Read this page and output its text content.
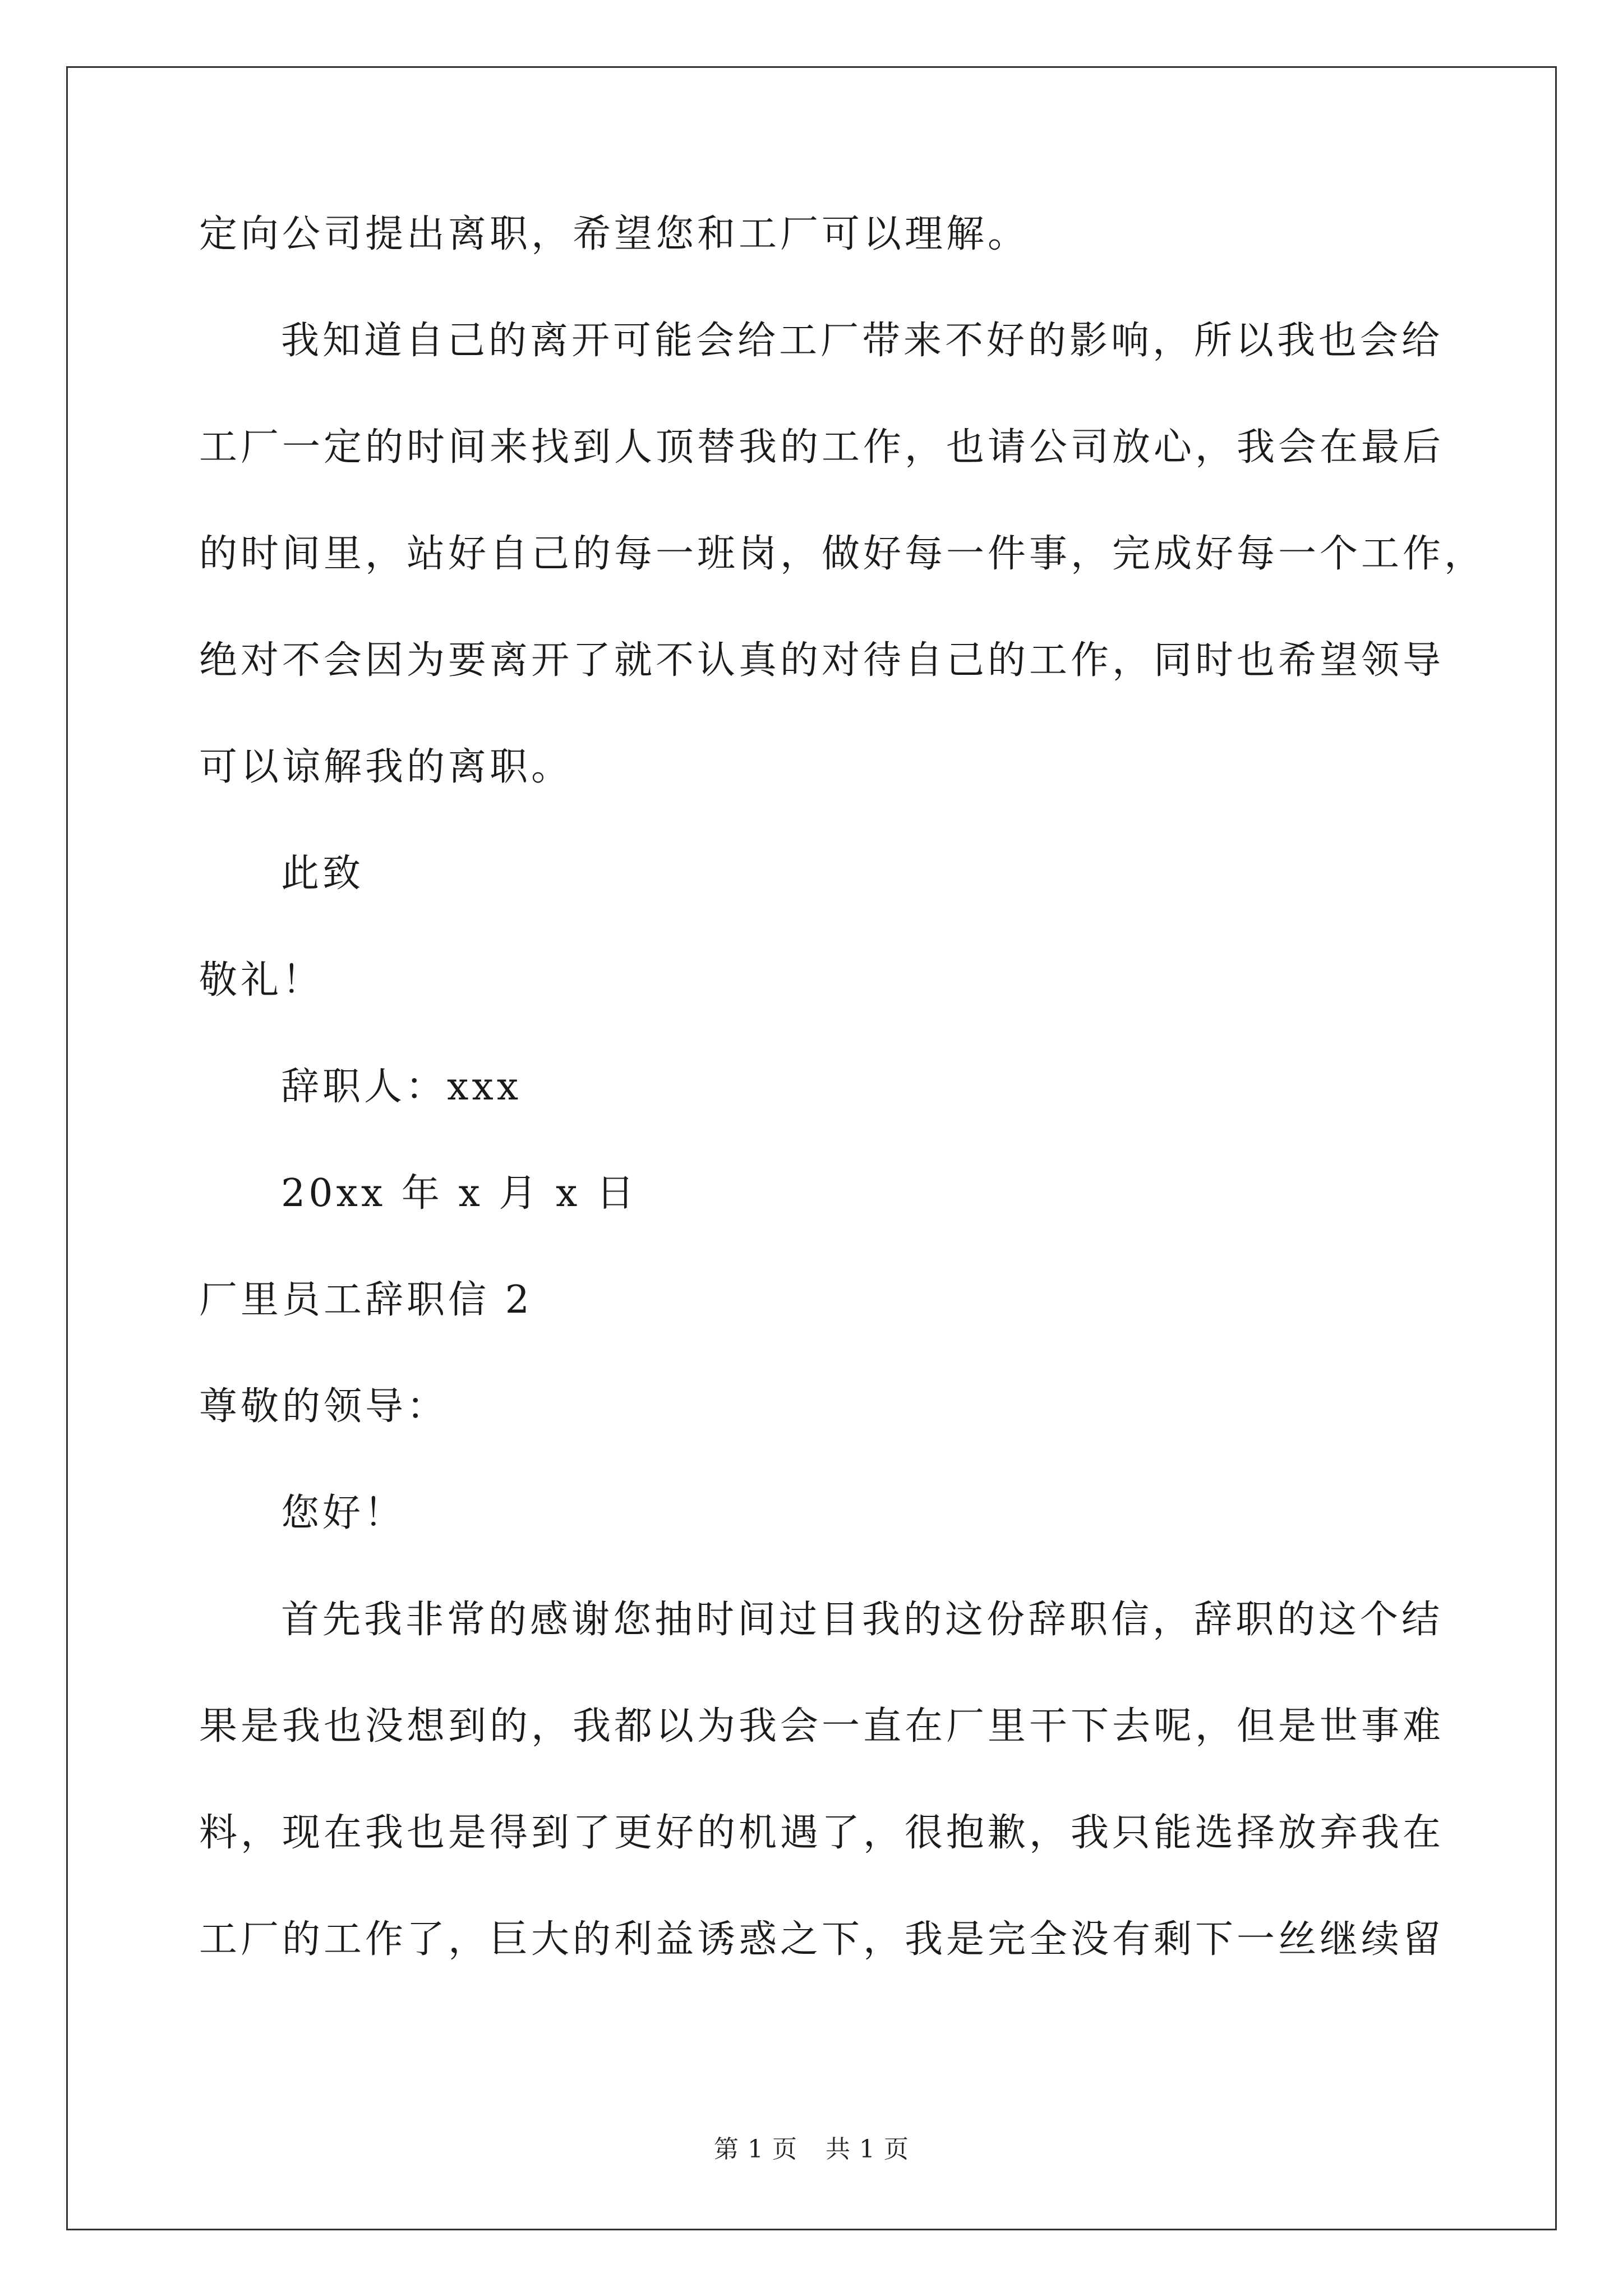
定向公司提出离职，希望您和工厂可以理解。
我知道自己的离开可能会给工厂带来不好的影响，所以我也会给
工厂一定的时间来找到人顶替我的工作，也请公司放心，我会在最后
的时间里，站好自己的每一班岗，做好每一件事，完成好每一个工作，
绝对不会因为要离开了就不认真的对待自己的工作，同时也希望领导
可以谅解我的离职。
此致
敬礼！
辞职人：xxx
20xx 年 x 月 x 日
厂里员工辞职信 2
尊敬的领导：
您好！
首先我非常的感谢您抽时间过目我的这份辞职信，辞职的这个结
果是我也没想到的，我都以为我会一直在厂里干下去呢，但是世事难
料，现在我也是得到了更好的机遇了，很抱歉，我只能选择放弃我在
工厂的工作了，巨大的利益诱惑之下，我是完全没有剩下一丝继续留
第 1 页 共 1 页
